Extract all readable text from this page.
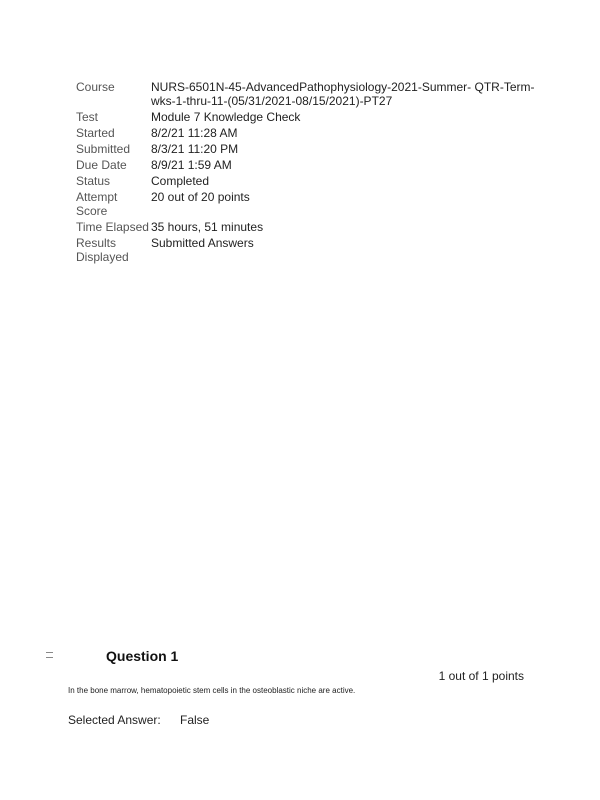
Course	NURS-6501N-45-AdvancedPathophysiology-2021-Summer- QTR-Term-wks-1-thru-11-(05/31/2021-08/15/2021)-PT27
Test	Module 7 Knowledge Check
Started	8/2/21 11:28 AM
Submitted	8/3/21 11:20 PM
Due Date	8/9/21 1:59 AM
Status	Completed
Attempt Score	20 out of 20 points
Time Elapsed	35 hours, 51 minutes
Results Displayed	Submitted Answers
Question 1
1 out of 1 points
In the bone marrow, hematopoietic stem cells in the osteoblastic niche are active.
Selected Answer: False
